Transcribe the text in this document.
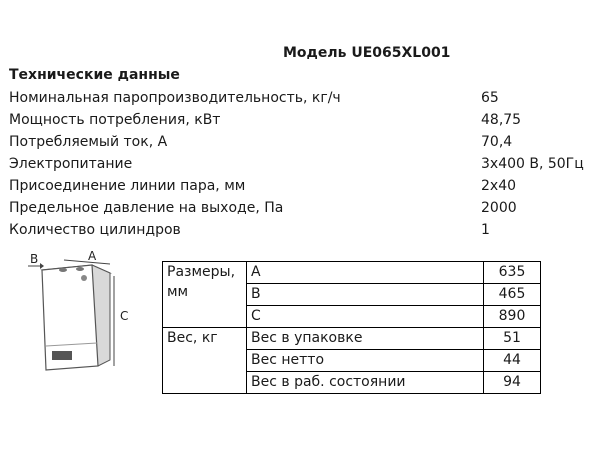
Модель UE065XL001
Технические данные
Номинальная паропроизводительность, кг/ч	65
Мощность потребления, кВт	48,75
Потребляемый ток, А	70,4
Электропитание	3х400 В, 50Гц
Присоединение линии пара, мм	2х40
Предельное давление на выходе, Па	2000
Количество цилиндров	1
B	A
C
Размеры, мм	A	635
	B	465
	C	890
Вес, кг	Вес в упаковке	51
	Вес нетто	44
	Вес в раб. состоянии	94
